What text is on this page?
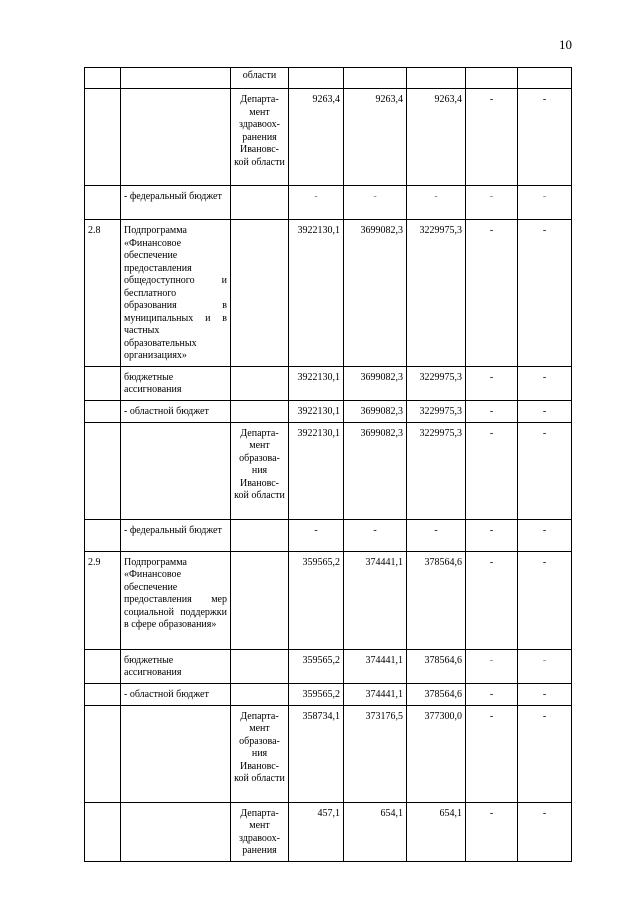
10
		области					
		Департа-мент здравоох-ранения Ивановс-кой области	9263,4	9263,4	9263,4	-	-
	- федеральный бюджет		-	-	-	-	-
2.8	Подпрограмма «Финансовое обеспечение предоставления общедоступного и бесплатного образования в муниципальных и в частных образовательных организациях»		3922130,1	3699082,3	3229975,3	-	-
	бюджетные ассигнования		3922130,1	3699082,3	3229975,3	-	-
	- областной бюджет		3922130,1	3699082,3	3229975,3	-	-
		Департа-мент образова-ния Ивановс-кой области	3922130,1	3699082,3	3229975,3	-	-
	- федеральный бюджет		-	-	-	-	-
2.9	Подпрограмма «Финансовое обеспечение предоставления мер социальной поддержки в сфере образования»		359565,2	374441,1	378564,6	-	-
	бюджетные ассигнования		359565,2	374441,1	378564,6	-	-
	- областной бюджет		359565,2	374441,1	378564,6	-	-
		Департа-мент образова-ния Ивановс-кой области	358734,1	373176,5	377300,0	-	-
		Департа-мент здравоох-ранения	457,1	654,1	654,1	-	-
